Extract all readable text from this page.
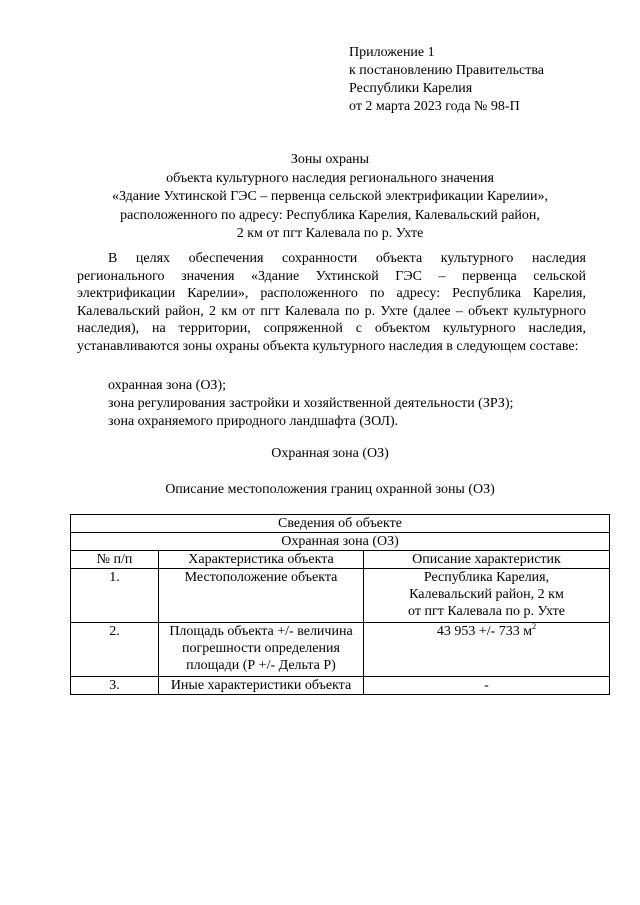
Приложение 1
к постановлению Правительства
Республики Карелия
от 2 марта 2023 года № 98-П
Зоны охраны
объекта культурного наследия регионального значения
«Здание Ухтинской ГЭС – первенца сельской электрификации Карелии»,
расположенного по адресу: Республика Карелия, Калевальский район,
2 км от пгт Калевала по р. Ухте

В целях обеспечения сохранности объекта культурного наследия регионального значения «Здание Ухтинской ГЭС – первенца сельской электрификации Карелии», расположенного по адресу: Республика Карелия, Калевальский район, 2 км от пгт Калевала по р. Ухте (далее – объект культурного наследия), на территории, сопряженной с объектом культурного наследия, устанавливаются зоны охраны объекта культурного наследия в следующем составе:

охранная зона (ОЗ);
зона регулирования застройки и хозяйственной деятельности (ЗРЗ);
зона охраняемого природного ландшафта (ЗОЛ).
Охранная зона (ОЗ)
Описание местоположения границ охранной зоны (ОЗ)
Сведения об объекте		
Охранная зона (ОЗ)		
№ п/п	Характеристика объекта	Описание характеристик
1.	Местоположение объекта	Республика Карелия,
Калевальский район, 2 км
от пгт Калевала по р. Ухте

2.	Площадь объекта +/- величина
погрешности определения
площади (Р +/- Дельта Р)	43 953 +/- 733 $м^2$
3.	Иные характеристики объекта	-
